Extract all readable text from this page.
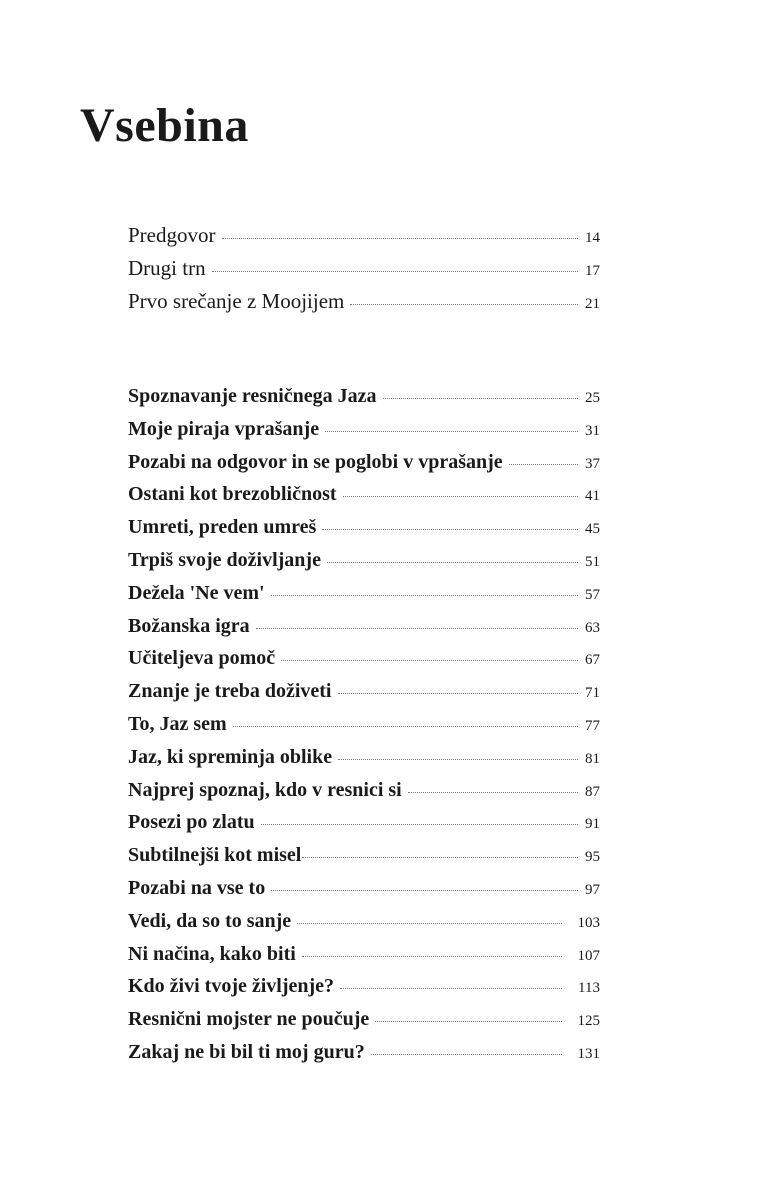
Vsebina
Predgovor	14
Drugi trn	17
Prvo srečanje z Moojijem	21
Spoznavanje resničnega Jaza	25
Moje piraja vprašanje	31
Pozabi na odgovor in se poglobi v vprašanje	37
Ostani kot brezobličnost	41
Umreti, preden umreš	45
Trpiš svoje doživljanje	51
Dežela 'Ne vem'	57
Božanska igra	63
Učiteljeva pomoč	67
Znanje je treba doživeti	71
To, Jaz sem	77
Jaz, ki spreminja oblike	81
Najprej spoznaj, kdo v resnici si	87
Posezi po zlatu	91
Subtilnejši kot misel	95
Pozabi na vse to	97
Vedi, da so to sanje	103
Ni načina, kako biti	107
Kdo živi tvoje življenje?	113
Resnični mojster ne poučuje	125
Zakaj ne bi bil ti moj guru?	131
